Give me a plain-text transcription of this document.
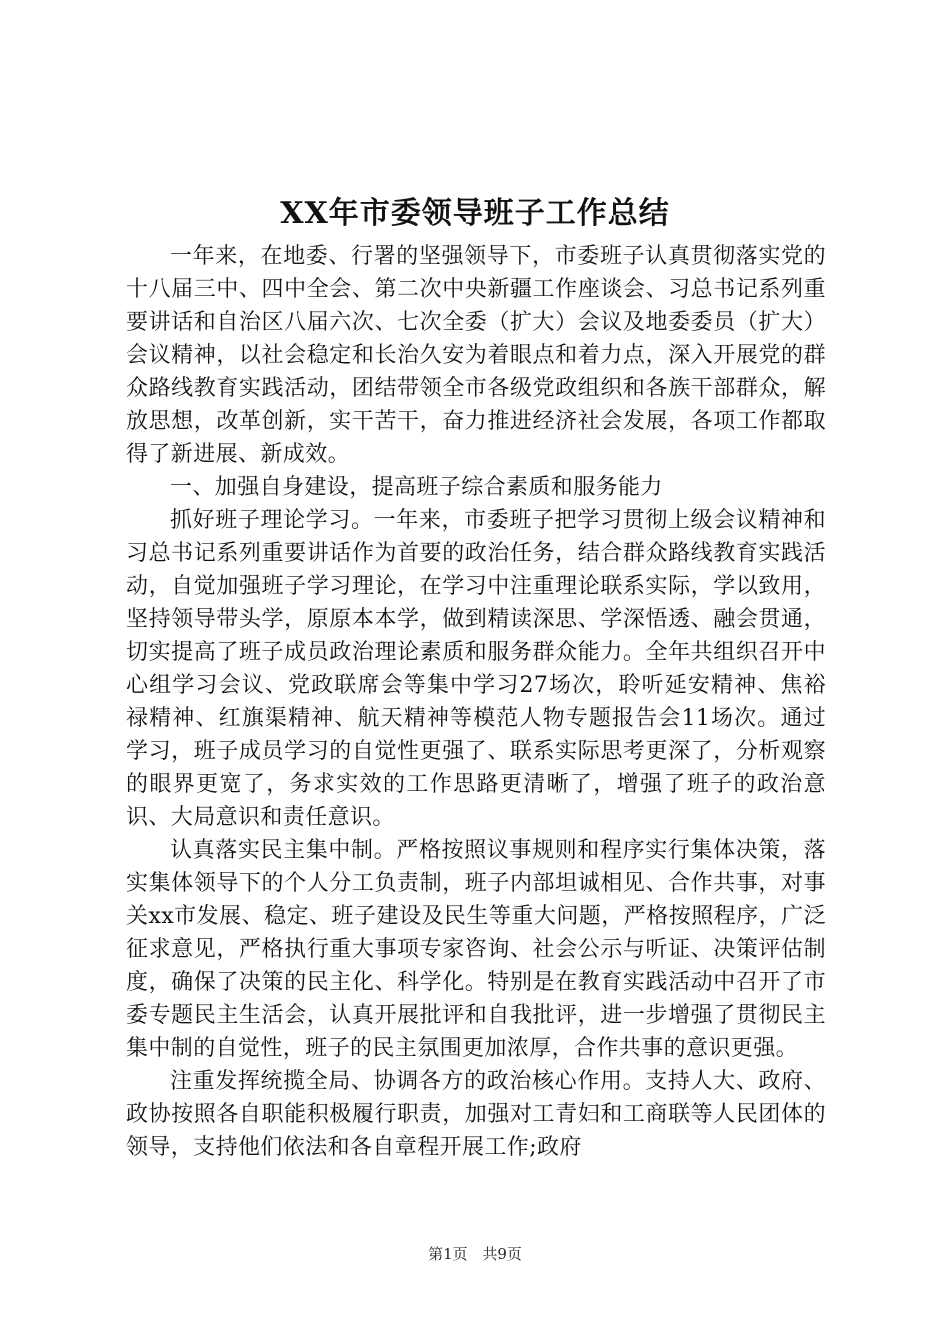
XX年市委领导班子工作总结

一年来，在地委、行署的坚强领导下，市委班子认真贯彻落实党的十八届三中、四中全会、第二次中央新疆工作座谈会、习总书记系列重要讲话和自治区八届六次、七次全委（扩大）会议及地委委员（扩大）会议精神，以社会稳定和长治久安为着眼点和着力点，深入开展党的群众路线教育实践活动，团结带领全市各级党政组织和各族干部群众，解放思想，改革创新，实干苦干，奋力推进经济社会发展，各项工作都取得了新进展、新成效。

一、加强自身建设，提高班子综合素质和服务能力

抓好班子理论学习。一年来，市委班子把学习贯彻上级会议精神和习总书记系列重要讲话作为首要的政治任务，结合群众路线教育实践活动，自觉加强班子学习理论，在学习中注重理论联系实际，学以致用，坚持领导带头学，原原本本学，做到精读深思、学深悟透、融会贯通，切实提高了班子成员政治理论素质和服务群众能力。全年共组织召开中心组学习会议、党政联席会等集中学习27场次，聆听延安精神、焦裕禄精神、红旗渠精神、航天精神等模范人物专题报告会11场次。通过学习，班子成员学习的自觉性更强了、联系实际思考更深了，分析观察的眼界更宽了，务求实效的工作思路更清晰了，增强了班子的政治意识、大局意识和责任意识。

认真落实民主集中制。严格按照议事规则和程序实行集体决策，落实集体领导下的个人分工负责制，班子内部坦诚相见、合作共事，对事关xx市发展、稳定、班子建设及民生等重大问题，严格按照程序，广泛征求意见，严格执行重大事项专家咨询、社会公示与听证、决策评估制度，确保了决策的民主化、科学化。特别是在教育实践活动中召开了市委专题民主生活会，认真开展批评和自我批评，进一步增强了贯彻民主集中制的自觉性，班子的民主氛围更加浓厚，合作共事的意识更强。

注重发挥统揽全局、协调各方的政治核心作用。支持人大、政府、政协按照各自职能积极履行职责，加强对工青妇和工商联等人民团体的领导，支持他们依法和各自章程开展工作;政府

第1页 共9页
